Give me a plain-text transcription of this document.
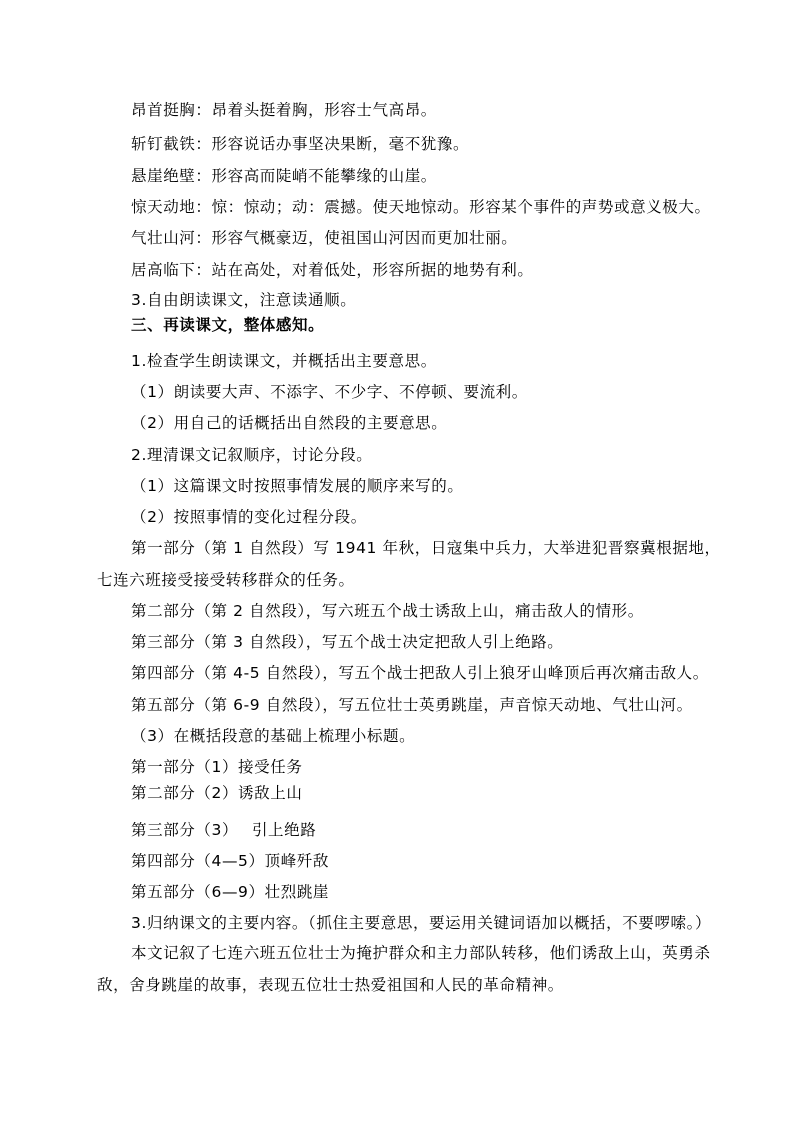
昂首挺胸：昂着头挺着胸，形容士气高昂。
斩钉截铁：形容说话办事坚决果断，毫不犹豫。
悬崖绝壁：形容高而陡峭不能攀缘的山崖。
惊天动地：惊：惊动；动：震撼。使天地惊动。形容某个事件的声势或意义极大。
气壮山河：形容气概豪迈，使祖国山河因而更加壮丽。
居高临下：站在高处，对着低处，形容所据的地势有利。
3.自由朗读课文，注意读通顺。
三、再读课文，整体感知。
1.检查学生朗读课文，并概括出主要意思。
（1）朗读要大声、不添字、不少字、不停顿、要流利。
（2）用自己的话概括出自然段的主要意思。
2.理清课文记叙顺序，讨论分段。
（1）这篇课文时按照事情发展的顺序来写的。
（2）按照事情的变化过程分段。
第一部分（第 1 自然段）写 1941 年秋，日寇集中兵力，大举进犯晋察冀根据地，
七连六班接受接受转移群众的任务。
第二部分（第 2 自然段），写六班五个战士诱敌上山，痛击敌人的情形。
第三部分（第 3 自然段），写五个战士决定把敌人引上绝路。
第四部分（第 4-5 自然段），写五个战士把敌人引上狼牙山峰顶后再次痛击敌人。
第五部分（第 6-9 自然段），写五位壮士英勇跳崖，声音惊天动地、气壮山河。
（3）在概括段意的基础上梳理小标题。
第一部分（1）接受任务
第二部分（2）诱敌上山
第三部分（3）　 引上绝路
第四部分（4—5）顶峰歼敌
第五部分（6—9）壮烈跳崖
3.归纳课文的主要内容。（抓住主要意思，要运用关键词语加以概括，不要啰嗦。）
本文记叙了七连六班五位壮士为掩护群众和主力部队转移，他们诱敌上山，英勇杀
敌，舍身跳崖的故事，表现五位壮士热爱祖国和人民的革命精神。
